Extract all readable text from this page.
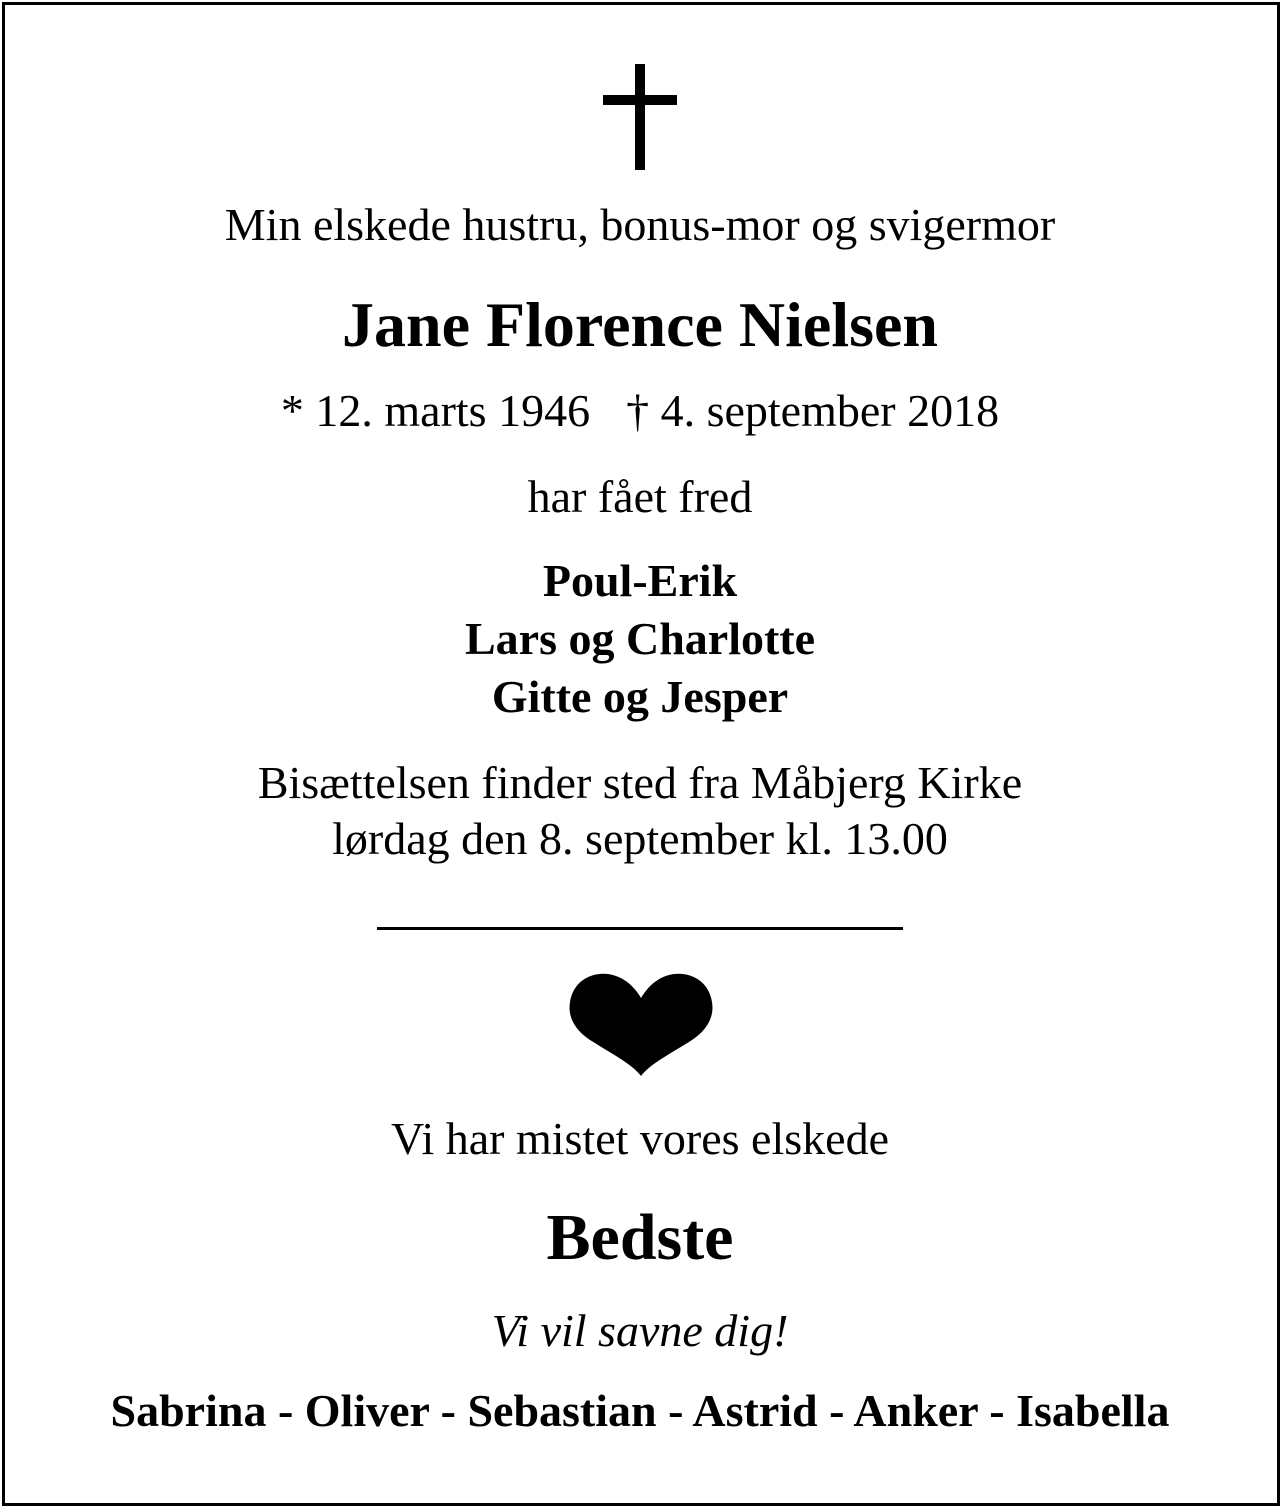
Min elskede hustru, bonus-mor og svigermor
Jane Florence Nielsen
* 12. marts 1946 † 4. september 2018
har fået fred
Poul-Erik
Lars og Charlotte
Gitte og Jesper
Bisættelsen finder sted fra Måbjerg Kirke
lørdag den 8. september kl. 13.00
Vi har mistet vores elskede
Bedste
Vi vil savne dig!
Sabrina - Oliver - Sebastian - Astrid - Anker - Isabella
